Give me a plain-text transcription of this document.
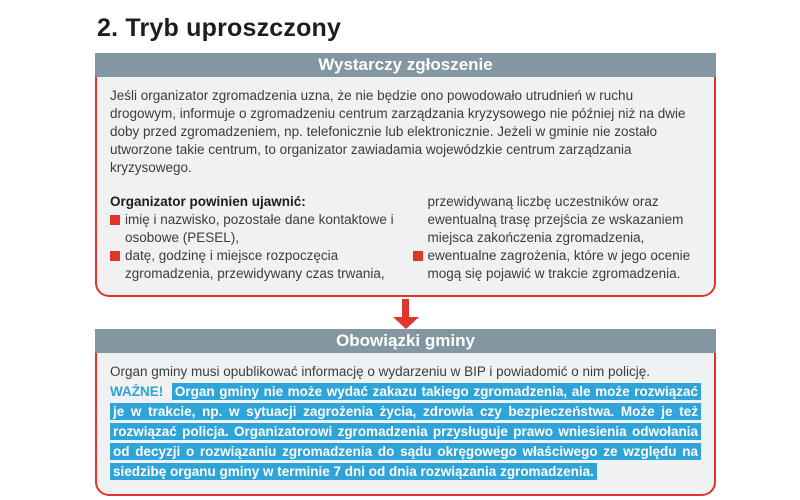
2. Tryb uproszczony
Wystarczy zgłoszenie

Jeśli organizator zgromadzenia uzna, że nie będzie ono powodowało utrudnień w ruchu drogowym, informuje o zgromadzeniu centrum zarządzania kryzysowego nie później niż na dwie doby przed zgromadzeniem, np. telefonicznie lub elektronicznie. Jeżeli w gminie nie zostało utworzone takie centrum, to organizator zawiadamia wojewódzkie centrum zarządzania kryzysowego.

Organizator powinien ujawnić:

imię i nazwisko, pozostałe dane kontaktowe i osobowe (PESEL),
datę, godzinę i miejsce rozpoczęcia zgromadzenia, przewidywany czas trwania,

przewidywaną liczbę uczestników oraz ewentualną trasę przejścia ze wskazaniem miejsca zakończenia zgromadzenia,

ewentualne zagrożenia, które w jego ocenie mogą się pojawić w trakcie zgromadzenia.
Obowiązki gminy

Organ gminy musi opublikować informację o wydarzeniu w BIP i powiadomić o nim policję.

WAŻNE! Organ gminy nie może wydać zakazu takiego zgromadzenia, ale może rozwiązać je w trakcie, np. w sytuacji zagrożenia życia, zdrowia czy bezpieczeństwa. Może je też rozwiązać policja. Organizatorowi zgromadzenia przysługuje prawo wniesienia odwołania od decyzji o rozwiązaniu zgromadzenia do sądu okręgowego właściwego ze względu na siedzibę organu gminy w terminie 7 dni od dnia rozwiązania zgromadzenia.
